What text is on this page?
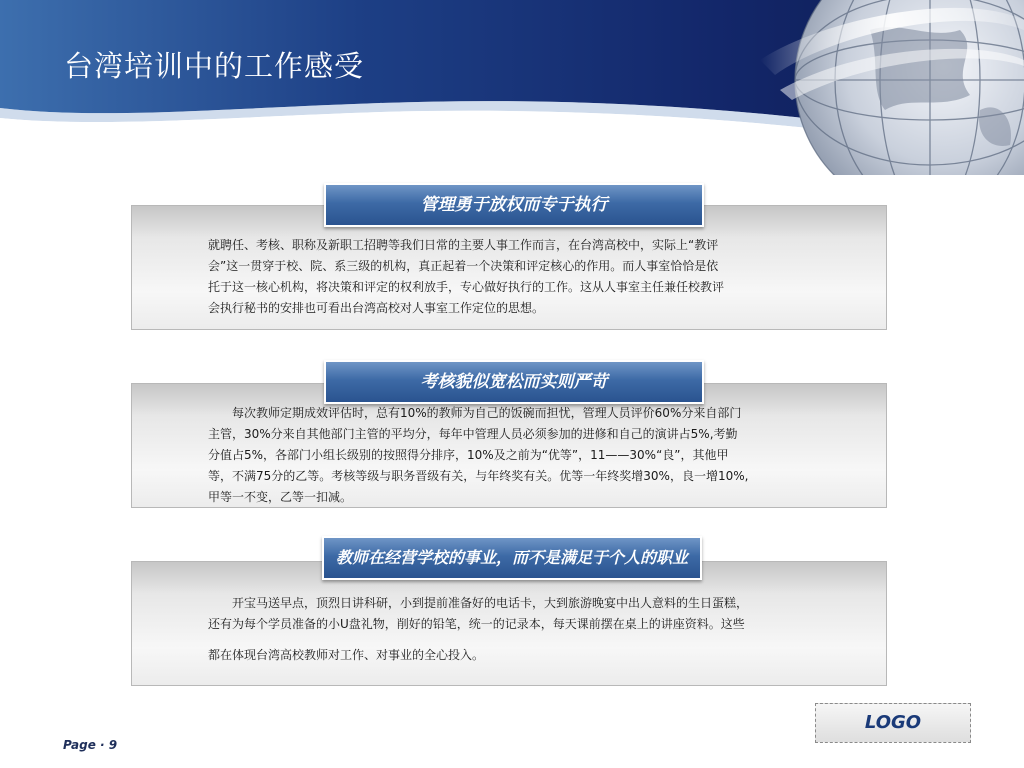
台湾培训中的工作感受
就聘任、考核、职称及新职工招聘等我们日常的主要人事工作而言，在台湾高校中，实际上“教评
会”这一贯穿于校、院、系三级的机构，真正起着一个决策和评定核心的作用。而人事室恰恰是依
托于这一核心机构，将决策和评定的权利放手，专心做好执行的工作。这从人事室主任兼任校教评
会执行秘书的安排也可看出台湾高校对人事室工作定位的思想。
管理勇于放权而专于执行
　　每次教师定期成效评估时，总有10%的教师为自己的饭碗而担忧，管理人员评价60%分来自部门
主管，30%分来自其他部门主管的平均分，每年中管理人员必须参加的进修和自己的演讲占5%,考勤
分值占5%，各部门小组长级别的按照得分排序，10%及之前为“优等”，11——30%“良”，其他甲
等，不满75分的乙等。考核等级与职务晋级有关，与年终奖有关。优等一年终奖增30%，良一增10%,
甲等一不变，乙等一扣减。
考核貌似宽松而实则严苛
　　开宝马送早点，顶烈日讲科研，小到提前准备好的电话卡，大到旅游晚宴中出人意料的生日蛋糕，
还有为每个学员准备的小U盘礼物，削好的铅笔，统一的记录本，每天课前摆在桌上的讲座资料。这些
都在体现台湾高校教师对工作、对事业的全心投入。
教师在经营学校的事业，而不是满足于个人的职业
LOGO
Page · 9
